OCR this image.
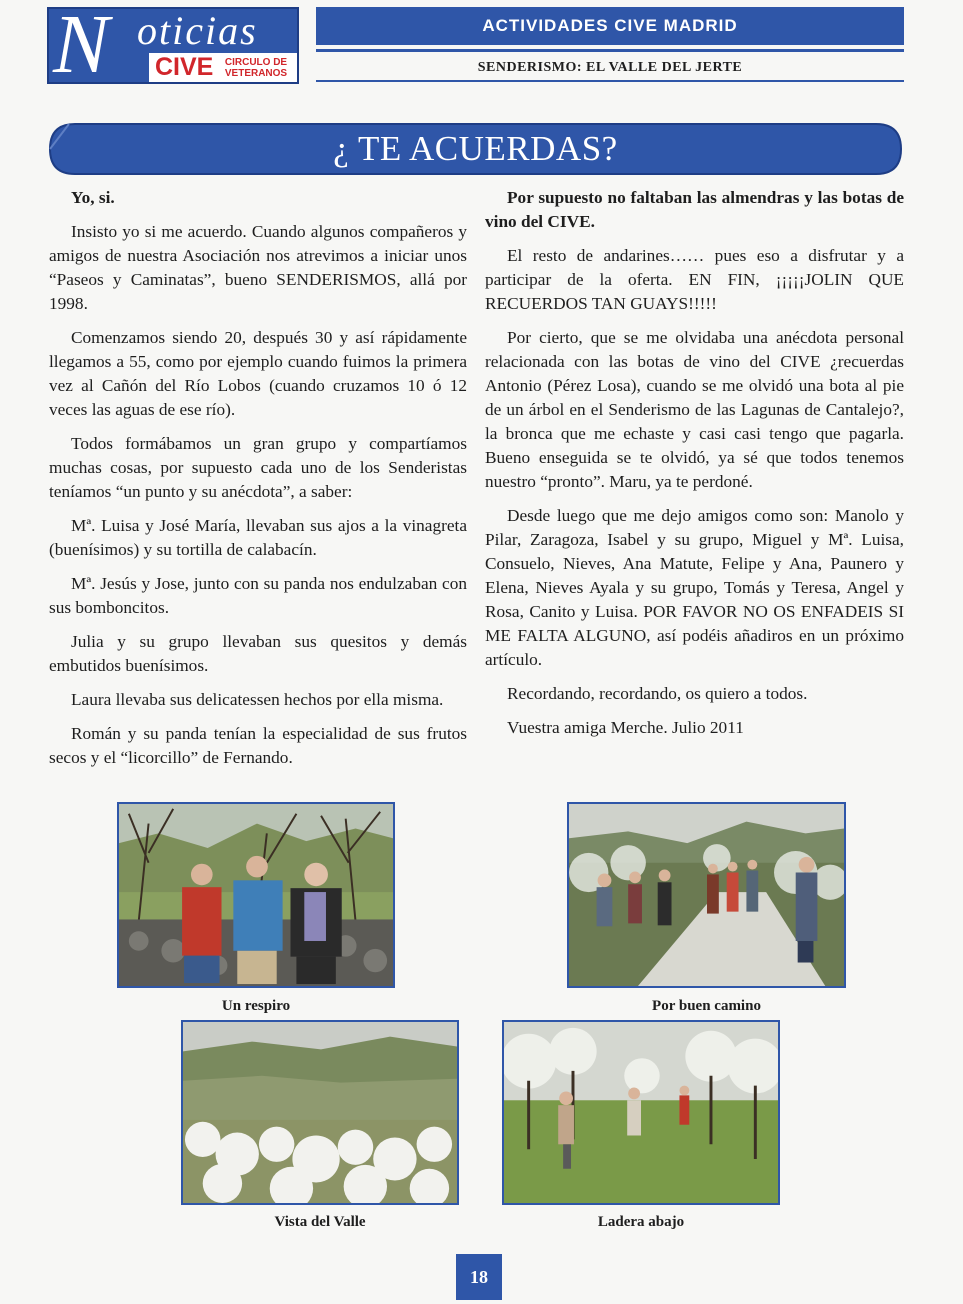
N oticias
CIVE	CIRCULO DE VETERANOS
ACTIVIDADES CIVE MADRID
SENDERISMO: EL VALLE DEL JERTE
¿ TE ACUERDAS?

Yo, si.

Insisto yo si me acuerdo. Cuando algunos compañeros y amigos de nuestra Asociación nos atrevimos a iniciar unos “Paseos y Caminatas”, bueno SENDERISMOS, allá por 1998.

Comenzamos siendo 20, después 30 y así rápidamente llegamos a 55, como por ejemplo cuando fuimos la primera vez al Cañón del Río Lobos (cuando cruzamos 10 ó 12 veces las aguas de ese río).

Todos formábamos un gran grupo y compartíamos muchas cosas, por supuesto cada uno de los Senderistas teníamos “un punto y su anécdota”, a saber:

Mª. Luisa y José María, llevaban sus ajos a la vinagreta (buenísimos) y su tortilla de calabacín.

Mª. Jesús y Jose, junto con su panda nos endulzaban con sus bomboncitos.

Julia y su grupo llevaban sus quesitos y demás embutidos buenísimos.

Laura llevaba sus delicatessen hechos por ella misma.

Román y su panda tenían la especialidad de sus frutos secos y el “licorcillo” de Fernando.

Por supuesto no faltaban las almendras y las botas de vino del CIVE.

El resto de andarines…… pues eso a disfrutar y a participar de la oferta. EN FIN, ¡¡¡¡¡JOLIN QUE RECUERDOS TAN GUAYS!!!!!

Por cierto, que se me olvidaba una anécdota personal relacionada con las botas de vino del CIVE ¿recuerdas Antonio (Pérez Losa), cuando se me olvidó una bota al pie de un árbol en el Senderismo de las Lagunas de Cantalejo?, la bronca que me echaste y casi casi tengo que pagarla. Bueno enseguida se te olvidó, ya sé que todos tenemos nuestro “pronto”. Maru, ya te perdoné.

Desde luego que me dejo amigos como son: Manolo y Pilar, Zaragoza, Isabel y su grupo, Miguel y Mª. Luisa, Consuelo, Nieves, Ana Matute, Felipe y Ana, Paunero y Elena, Nieves Ayala y su grupo, Tomás y Teresa, Angel y Rosa, Canito y Luisa. POR FAVOR NO OS ENFADEIS SI ME FALTA ALGUNO, así podéis añadiros en un próximo artículo.

Recordando, recordando, os quiero a todos.

Vuestra amiga Merche. Julio 2011

Un respiro	Por buen camino
Vista del Valle	Ladera abajo
18
